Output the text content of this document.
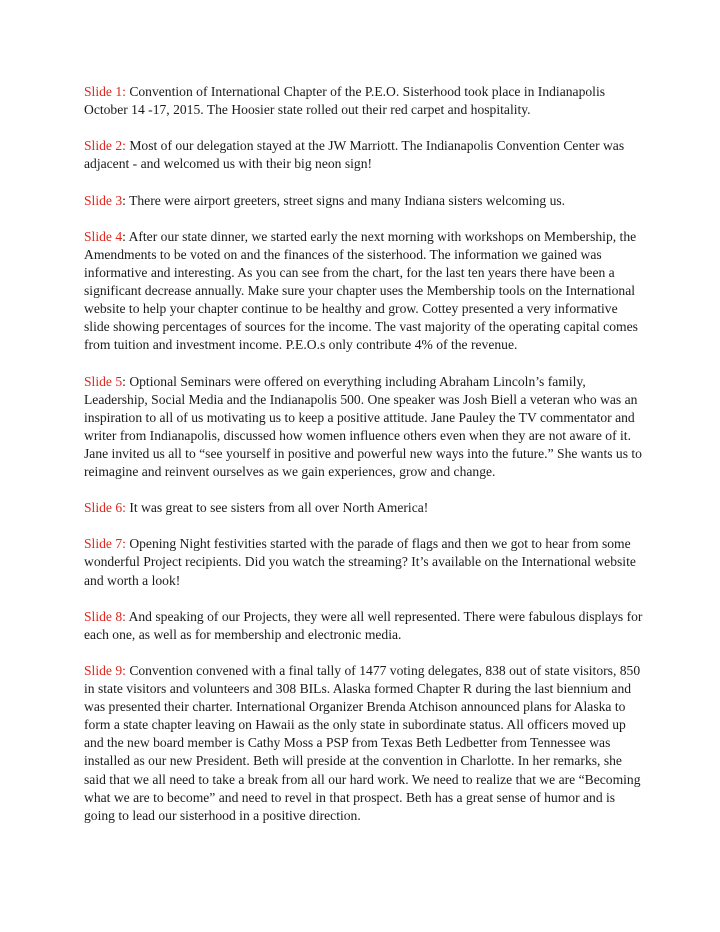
Slide 1: Convention of International Chapter of the P.E.O. Sisterhood took place in Indianapolis October 14 -17, 2015. The Hoosier state rolled out their red carpet and hospitality.

Slide 2: Most of our delegation stayed at the JW Marriott. The Indianapolis Convention Center was adjacent - and welcomed us with their big neon sign!

Slide 3: There were airport greeters, street signs and many Indiana sisters welcoming us.

Slide 4: After our state dinner, we started early the next morning with workshops on Membership, the Amendments to be voted on and the finances of the sisterhood. The information we gained was informative and interesting. As you can see from the chart, for the last ten years there have been a significant decrease annually. Make sure your chapter uses the Membership tools on the International website to help your chapter continue to be healthy and grow. Cottey presented a very informative slide showing percentages of sources for the income. The vast majority of the operating capital comes from tuition and investment income. P.E.O.s only contribute 4% of the revenue.

Slide 5: Optional Seminars were offered on everything including Abraham Lincoln’s family, Leadership, Social Media and the Indianapolis 500. One speaker was Josh Biell a veteran who was an inspiration to all of us motivating us to keep a positive attitude. Jane Pauley the TV commentator and writer from Indianapolis, discussed how women influence others even when they are not aware of it. Jane invited us all to “see yourself in positive and powerful new ways into the future.” She wants us to reimagine and reinvent ourselves as we gain experiences, grow and change.

Slide 6: It was great to see sisters from all over North America!

Slide 7: Opening Night festivities started with the parade of flags and then we got to hear from some wonderful Project recipients. Did you watch the streaming? It’s available on the International website and worth a look!

Slide 8: And speaking of our Projects, they were all well represented. There were fabulous displays for each one, as well as for membership and electronic media.

Slide 9: Convention convened with a final tally of 1477 voting delegates, 838 out of state visitors, 850 in state visitors and volunteers and 308 BILs. Alaska formed Chapter R during the last biennium and was presented their charter. International Organizer Brenda Atchison announced plans for Alaska to form a state chapter leaving on Hawaii as the only state in subordinate status. All officers moved up and the new board member is Cathy Moss a PSP from Texas Beth Ledbetter from Tennessee was installed as our new President. Beth will preside at the convention in Charlotte. In her remarks, she said that we all need to take a break from all our hard work. We need to realize that we are “Becoming what we are to become” and need to revel in that prospect. Beth has a great sense of humor and is going to lead our sisterhood in a positive direction.
